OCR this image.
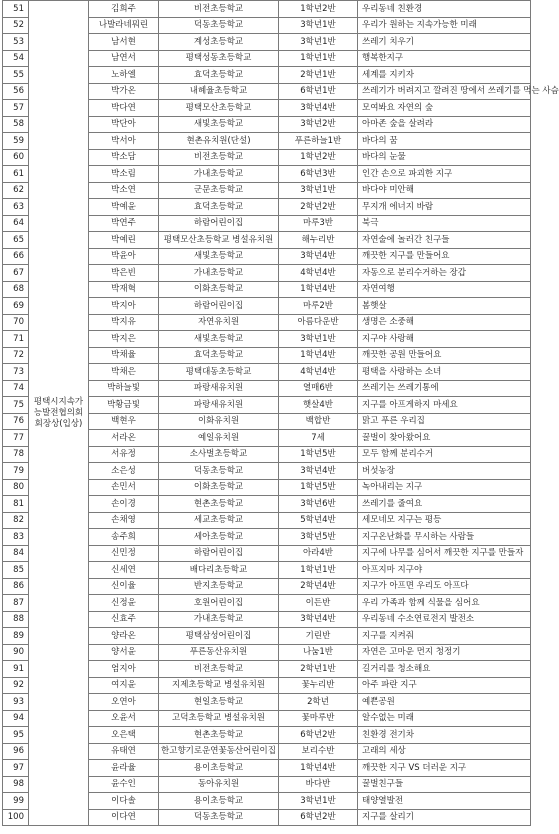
51	평택시지속가능발전협의회 회장상(입상)	김희주	비전초등학교	1학년2반	우리동네 친환경
52		나발라네뭐린	덕동초등학교	3학년1반	우리가 원하는 지속가능한 미래
53		남서현	계성초등학교	3학년1반	쓰레기 치우기
54		남연서	평택성동초등학교	1학년1반	행복한지구
55		노하엘	효덕초등학교	2학년1반	세계를 지키자
56		박가온	내혜율초등학교	6학년1반	쓰레기가 버려지고 깔려진 땅에서 쓰레기를 먹는 사슴
57		박다연	평택모산초등학교	3학년4반	모여봐요 자연의 숲
58		박단아	새빛초등학교	3학년2반	아마존 숲을 살려라
59		박서아	현촌유치원(단설)	푸른하늘1반	바다의 꿈
60		박소담	비전초등학교	1학년2반	바다의 눈물
61		박소림	가내초등학교	6학년3반	인간 손으로 파괴한 지구
62		박소연	군문초등학교	3학년1반	바다야 미안해
63		박예윤	효덕초등학교	2학년2반	무지개 에너지 바람
64		박연주	하람어린이집	마루3반	북극
65		박예린	평택모산초등학교 병설유치원	해누리반	자연술에 놀러간 친구들
66		박윤아	새빛초등학교	3학년4반	깨끗한 지구를 만들어요
67		박은빈	가내초등학교	4학년4반	자동으로 분리수거하는 장갑
68		박재혁	이화초등학교	1학년4반	자연여행
69		박지아	하람어린이집	마루2반	봄햇살
70		박지유	자연유치원	아름다운반	생명은 소중해
71		박지은	새빛초등학교	3학년1반	지구야 사랑해
72		박채율	효덕초등학교	1학년4반	깨끗한 공원 만들어요
73		박채은	평택대동초등학교	4학년4반	평택을 사랑하는 소녀
74		박하늘빛	파랑새유치원	열매6반	쓰레기는 쓰레기통에
75		박황금빛	파랑새유치원	햇살4반	지구를 아프게하지 마세요
76		백현우	이화유치원	백합반	맑고 푸른 우리집
77		서라온	예일유치원	7세	꿀벌이 찾아왔어요
78		서유정	소사벌초등학교	1학년5반	모두 함께 분리수거
79		소은성	덕동초등학교	3학년4반	버섯농장
80		손민서	이화초등학교	1학년5반	녹아내리는 지구
81		손이경	현촌초등학교	3학년6반	쓰레기를 줄여요
82		손채영	세교초등학교	5학년4반	세모네모 지구는 평등
83		송주희	세아초등학교	3학년5반	지구온난화를 무시하는 사람들
84		신민정	하람어린이집	아라4반	지구에 나무를 심어서 깨끗한 지구를 만들자
85		신세연	배다리초등학교	1학년1반	아프지마 지구야
86		신이율	반지초등학교	2학년4반	지구가 아프면 우리도 아프다
87		신정윤	호원어린이집	이든반	우리 가족과 함께 식물을 심어요
88		신효주	가내초등학교	3학년4반	우리동네 수소연료전지 발전소
89		양라온	평택삼성어린이집	기린반	지구를 지켜줘
90		양서윤	푸른동산유치원	나눔1반	자연은 고마운 먼지 청정기
91		엄지아	비전초등학교	2학년1반	길거리를 청소해요
92		여지윤	지제초등학교 병설유치원	꽃누리반	아주 파란 지구
93		오연아	현일초등학교	2학년	예쁜공원
94		오윤서	고덕초등학교 병설유치원	꽃마루반	알수없는 미래
95		오은택	현촌초등학교	6학년2반	친환경 전기차
96		유태연	한고향기로운연꽃동산어린이집	보리수반	고래의 세상
97		윤라율	용이초등학교	1학년4반	깨끗한 지구 VS 더러운 지구
98		윤수인	동아유치원	바다반	꿀벌친구들
99		이다솔	용이초등학교	3학년1반	태양열발전
100		이다연	덕동초등학교	6학년2반	지구를 살리기
